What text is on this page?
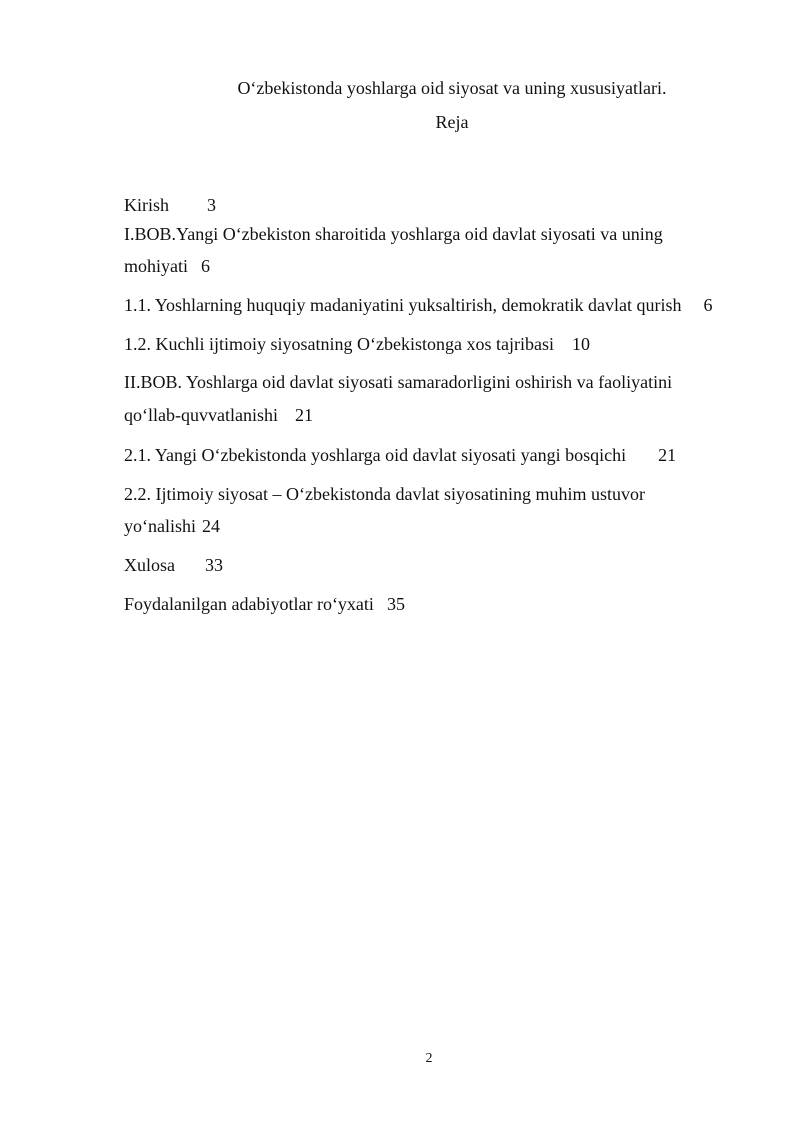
O‘zbekistonda yoshlarga oid siyosat va uning xususiyatlari.
Reja
Kirish 3
I.BOB.Yangi O‘zbekiston sharoitida yoshlarga oid davlat siyosati va uning
mohiyati 6
1.1. Yoshlarning huquqiy madaniyatini yuksaltirish, demokratik davlat qurish 6
1.2. Kuchli ijtimoiy siyosatning O‘zbekistonga xos tajribasi 10
II.BOB. Yoshlarga oid davlat siyosati samaradorligini oshirish va faoliyatini
qo‘llab-quvvatlanishi 21
2.1. Yangi O‘zbekistonda yoshlarga oid davlat siyosati yangi bosqichi 21
2.2. Ijtimoiy siyosat – O‘zbekistonda davlat siyosatining muhim ustuvor
yo‘nalishi 24
Xulosa 33
Foydalanilgan adabiyotlar ro‘yxati 35
2
